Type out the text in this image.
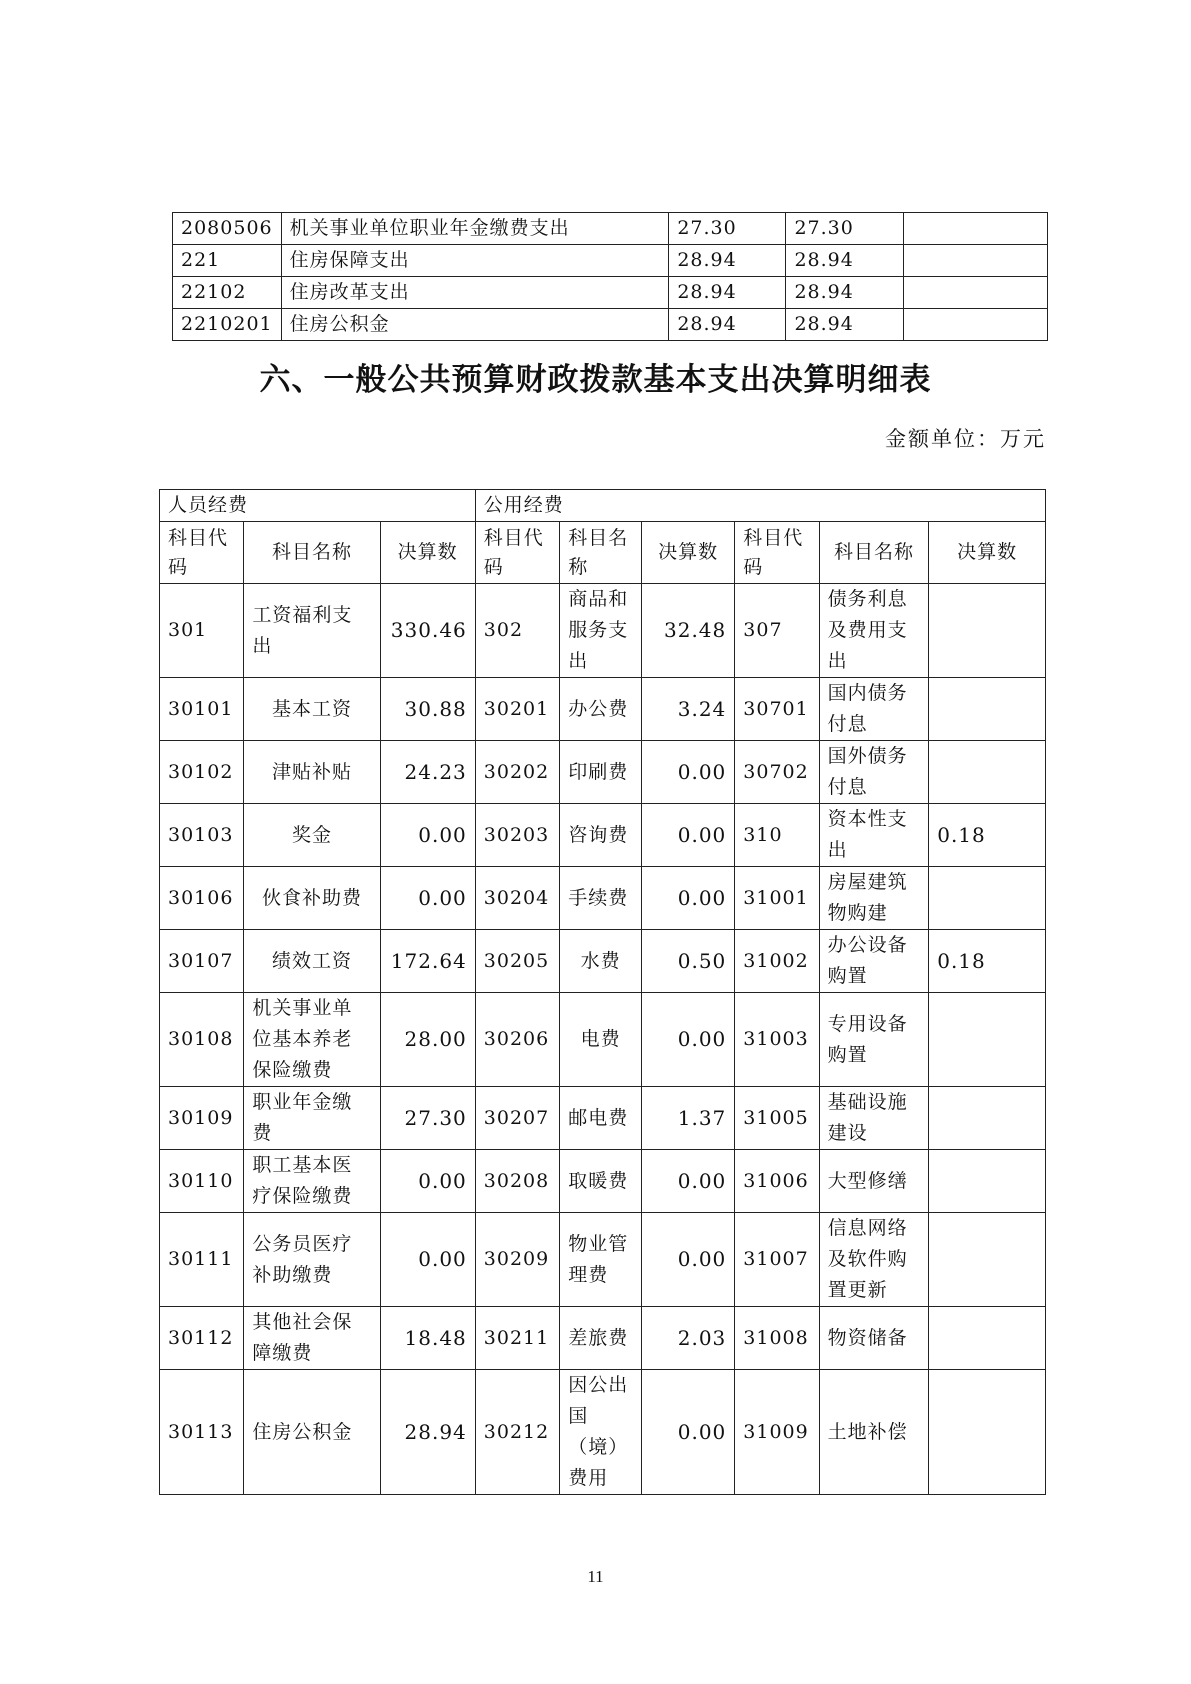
2080506	机关事业单位职业年金缴费支出	27.30	27.30	
221	住房保障支出	28.94	28.94	
22102	住房改革支出	28.94	28.94	
2210201	住房公积金	28.94	28.94	
六、一般公共预算财政拨款基本支出决算明细表
金额单位：万元
人员经费			公用经费					
科目代码	科目名称	决算数	科目代码	科目名称	决算数	科目代码	科目名称	决算数
301	工资福利支出	330.46	302	商品和服务支出	32.48	307	债务利息及费用支出	
30101	基本工资	30.88	30201	办公费	3.24	30701	国内债务付息	
30102	津贴补贴	24.23	30202	印刷费	0.00	30702	国外债务付息	
30103	奖金	0.00	30203	咨询费	0.00	310	资本性支出	0.18
30106	伙食补助费	0.00	30204	手续费	0.00	31001	房屋建筑物购建	
30107	绩效工资	172.64	30205	水费	0.50	31002	办公设备购置	0.18
30108	机关事业单位基本养老保险缴费	28.00	30206	电费	0.00	31003	专用设备购置	
30109	职业年金缴费	27.30	30207	邮电费	1.37	31005	基础设施建设	
30110	职工基本医疗保险缴费	0.00	30208	取暖费	0.00	31006	大型修缮	
30111	公务员医疗补助缴费	0.00	30209	物业管理费	0.00	31007	信息网络及软件购置更新	
30112	其他社会保障缴费	18.48	30211	差旅费	2.03	31008	物资储备	
30113	住房公积金	28.94	30212	因公出国（境）费用	0.00	31009	土地补偿	
11
